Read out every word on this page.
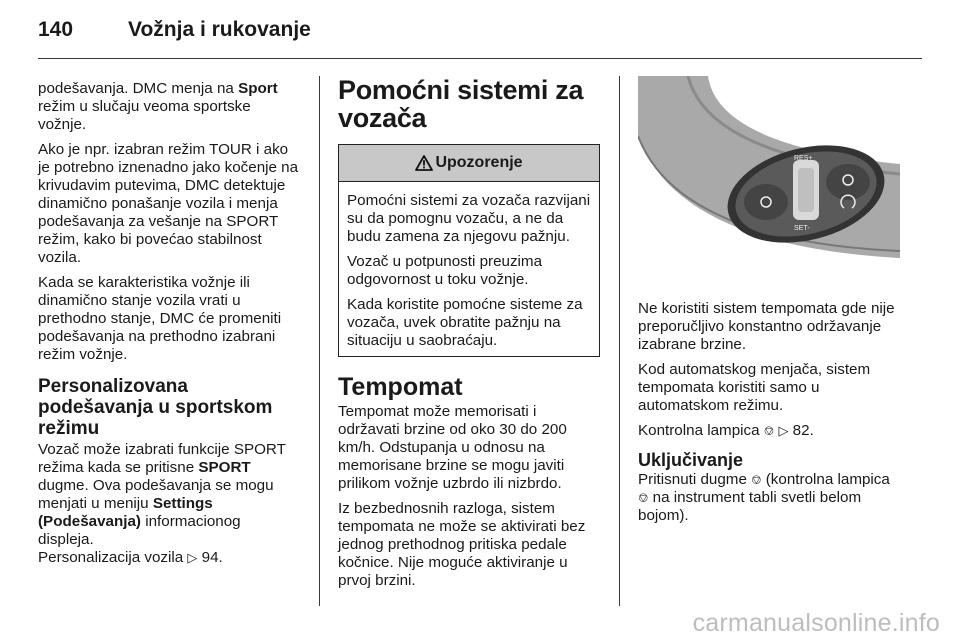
140	Vožnja i rukovanje

podešavanja. DMC menja na Sport režim u slučaju veoma sportske vožnje.

Ako je npr. izabran režim TOUR i ako je potrebno iznenadno jako kočenje na krivudavim putevima, DMC detektuje dinamično ponašanje vozila i menja podešavanja za vešanje na SPORT režim, kako bi povećao stabilnost vozila.

Kada se karakteristika vožnje ili dinamično stanje vozila vrati u prethodno stanje, DMC će promeniti podešavanja na prethodno izabrani režim vožnje.

Personalizovana podešavanja u sportskom režimu

Vozač može izabrati funkcije SPORT režima kada se pritisne SPORT dugme. Ova podešavanja se mogu menjati u meniju Settings (Podešavanja) informacionog displeja.

Personalizacija vozila ▷ 94.

Pomoćni sistemi za vozača
Upozorenje

Pomoćni sistemi za vozača razvijani su da pomognu vozaču, a ne da budu zamena za njegovu pažnju.

Vozač u potpunosti preuzima odgovornost u toku vožnje.

Kada koristite pomoćne sisteme za vozača, uvek obratite pažnju na situaciju u saobraćaju.

Tempomat

Tempomat može memorisati i održavati brzine od oko 30 do 200 km/h. Odstupanja u odnosu na memorisane brzine se mogu javiti prilikom vožnje uzbrdo ili nizbrdo.

Iz bezbednosnih razloga, sistem tempomata ne može se aktivirati bez jednog prethodnog pritiska pedale kočnice. Nije moguće aktiviranje u prvoj brzini.

RES+
SET-

Ne koristiti sistem tempomata gde nije preporučljivo konstantno održavanje izabrane brzine.

Kod automatskog menjača, sistem tempomata koristiti samo u automatskom režimu.

Kontrolna lampica ⎊ ▷ 82.

Uključivanje

Pritisnuti dugme ⎊ (kontrolna lampica ⎊ na instrument tabli svetli belom bojom).

carmanualsonline.info
